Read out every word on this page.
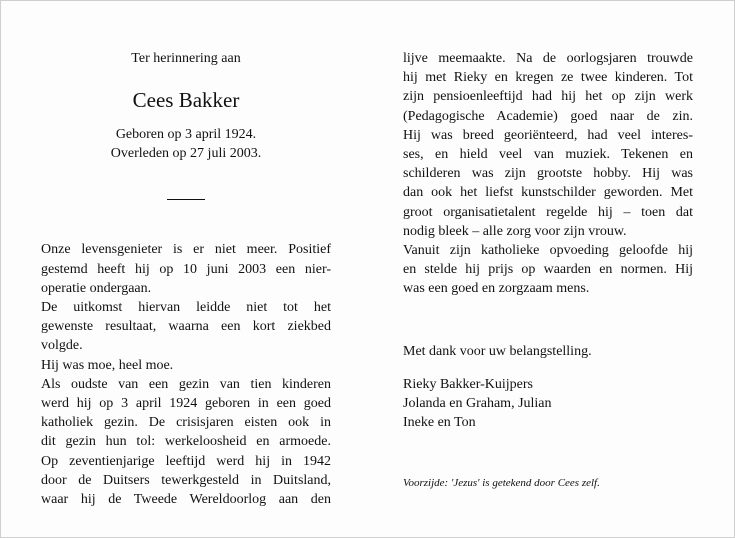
Ter herinnering aan

Cees Bakker

Geboren op 3 april 1924.

Overleden op 27 juli 2003.

Onze levensgenieter is er niet meer. Positief
gestemd heeft hij op 10 juni 2003 een nier-
operatie ondergaan.
De uitkomst hiervan leidde niet tot het
gewenste resultaat, waarna een kort ziekbed
volgde.
Hij was moe, heel moe.
Als oudste van een gezin van tien kinderen
werd hij op 3 april 1924 geboren in een goed
katholiek gezin. De crisisjaren eisten ook in
dit gezin hun tol: werkeloosheid en armoede.
Op zeventienjarige leeftijd werd hij in 1942
door de Duitsers tewerkgesteld in Duitsland,
waar hij de Tweede Wereldoorlog aan den
lijve meemaakte. Na de oorlogsjaren trouwde
hij met Rieky en kregen ze twee kinderen. Tot
zijn pensioenleeftijd had hij het op zijn werk
(Pedagogische Academie) goed naar de zin.
Hij was breed georiënteerd, had veel interes-
ses, en hield veel van muziek. Tekenen en
schilderen was zijn grootste hobby. Hij was
dan ook het liefst kunstschilder geworden. Met
groot organisatietalent regelde hij – toen dat
nodig bleek – alle zorg voor zijn vrouw.
Vanuit zijn katholieke opvoeding geloofde hij
en stelde hij prijs op waarden en normen. Hij
was een goed en zorgzaam mens.
Met dank voor uw belangstelling.
Rieky Bakker-Kuijpers
Jolanda en Graham, Julian
Ineke en Ton
Voorzijde: 'Jezus' is getekend door Cees zelf.
